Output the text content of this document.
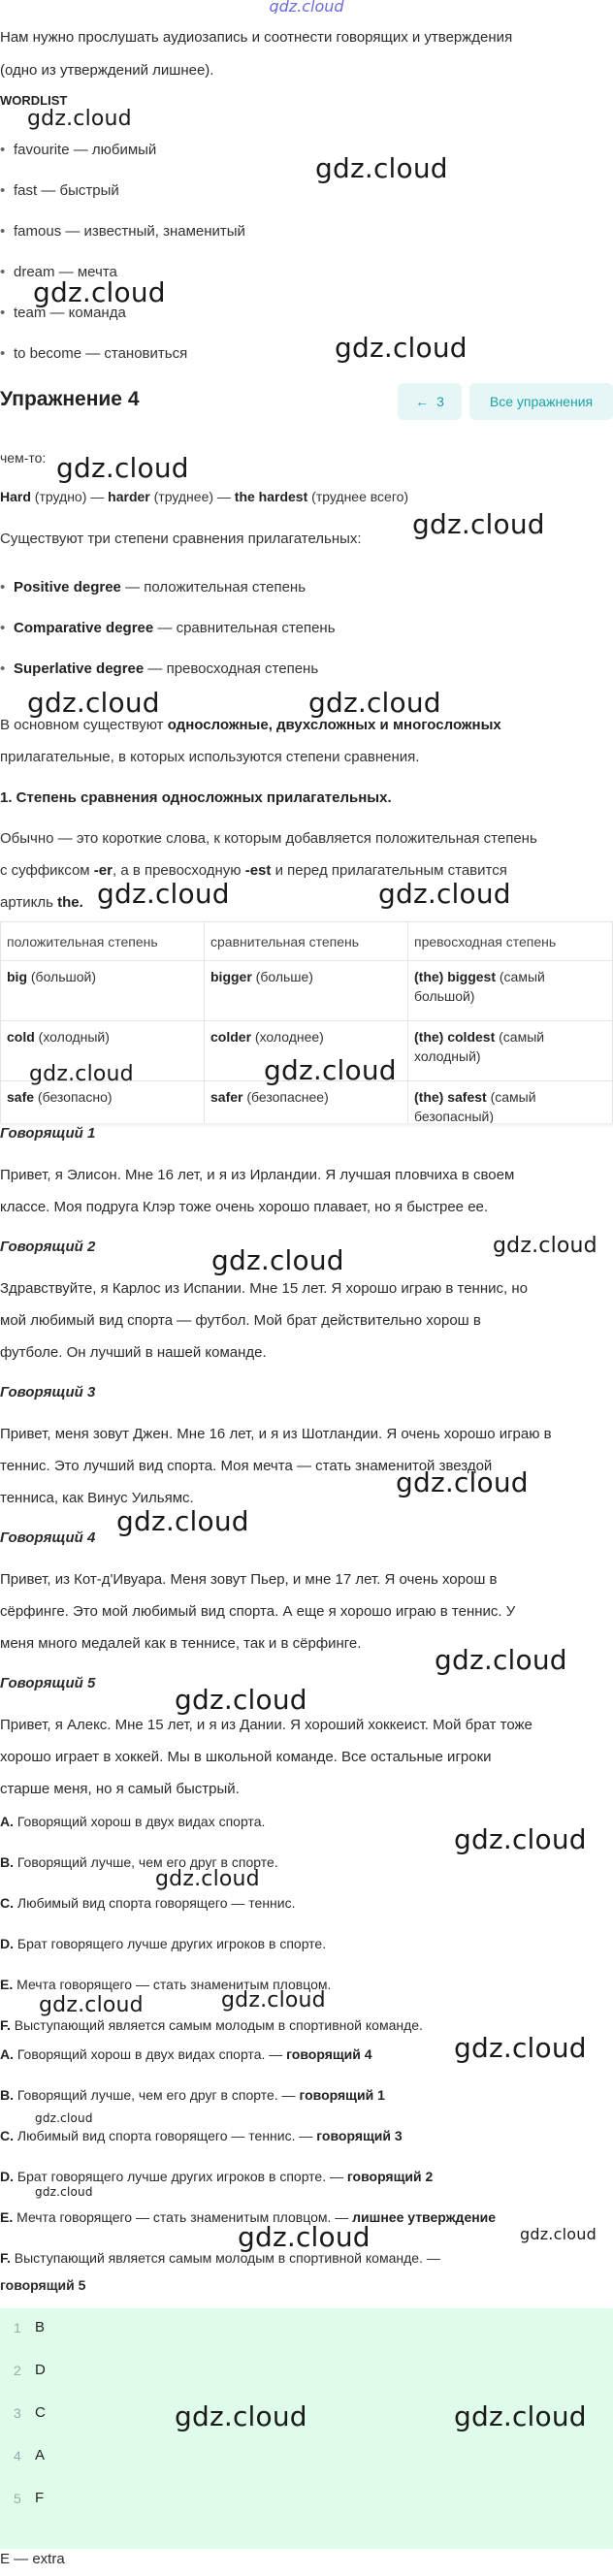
gdz.cloud
Нам нужно прослушать аудиозапись и соотнести говорящих и утверждения
(одно из утверждений лишнее).
WORDLIST
• favourite — любимый
• fast — быстрый
• famous — известный, знаменитый
• dream — мечта
• team — команда
• to become — становиться
Упражнение 4	← 3	Все упражнения
чем-то:
Hard (трудно) — harder (труднее) — the hardest (труднее всего)
Существуют три степени сравнения прилагательных:
• Positive degree — положительная степень
• Comparative degree — сравнительная степень
• Superlative degree — превосходная степень
В основном существуют односложные, двухсложных и многосложных
прилагательные, в которых используются степени сравнения.
1. Степень сравнения односложных прилагательных.
Обычно — это короткие слова, к которым добавляется положительная степень
с суффиксом -er, а в превосходную -est и перед прилагательным ставится
артикль the.
положительная степень	сравнительная степень	превосходная степень
big (большой)	bigger (больше)	(the) biggest (самый большой)
cold (холодный)	colder (холоднее)	(the) coldest (самый холодный)
safe (безопасно)	safer (безопаснее)	(the) safest (самый безопасный)
Говорящий 1
Привет, я Элисон. Мне 16 лет, и я из Ирландии. Я лучшая пловчиха в своем
классе. Моя подруга Клэр тоже очень хорошо плавает, но я быстрее ее.
Говорящий 2
Здравствуйте, я Карлос из Испании. Мне 15 лет. Я хорошо играю в теннис, но
мой любимый вид спорта — футбол. Мой брат действительно хорош в
футболе. Он лучший в нашей команде.
Говорящий 3
Привет, меня зовут Джен. Мне 16 лет, и я из Шотландии. Я очень хорошо играю в
теннис. Это лучший вид спорта. Моя мечта — стать знаменитой звездой
тенниса, как Винус Уильямс.
Говорящий 4
Привет, из Кот-д'Ивуара. Меня зовут Пьер, и мне 17 лет. Я очень хорош в
сёрфинге. Это мой любимый вид спорта. А еще я хорошо играю в теннис. У
меня много медалей как в теннисе, так и в сёрфинге.
Говорящий 5
Привет, я Алекс. Мне 15 лет, и я из Дании. Я хороший хоккеист. Мой брат тоже
хорошо играет в хоккей. Мы в школьной команде. Все остальные игроки
старше меня, но я самый быстрый.
A. Говорящий хорош в двух видах спорта.
B. Говорящий лучше, чем его друг в спорте.
C. Любимый вид спорта говорящего — теннис.
D. Брат говорящего лучше других игроков в спорте.
E. Мечта говорящего — стать знаменитым пловцом.
F. Выступающий является самым молодым в спортивной команде.
A. Говорящий хорош в двух видах спорта. — говорящий 4
B. Говорящий лучше, чем его друг в спорте. — говорящий 1
C. Любимый вид спорта говорящего — теннис. — говорящий 3
D. Брат говорящего лучше других игроков в спорте. — говорящий 2
E. Мечта говорящего — стать знаменитым пловцом. — лишнее утверждение
F. Выступающий является самым молодым в спортивной команде. —
говорящий 5
1 B
2 D
3 C
4 A
5 F
E — extra
gdz.cloud
gdz.cloud
gdz.cloud
gdz.cloud
gdz.cloud
gdz.cloud
gdz.cloud	gdz.cloud
gdz.cloud	gdz.cloud
gdz.cloud	gdz.cloud
gdz.cloud
gdz.cloud
gdz.cloud
gdz.cloud
gdz.cloud
gdz.cloud
gdz.cloud
gdz.cloud
gdz.cloud	gdz.cloud
gdz.cloud
gdz.cloud
gdz.cloud
gdz.cloud	gdz.cloud
gdz.cloud	gdz.cloud
